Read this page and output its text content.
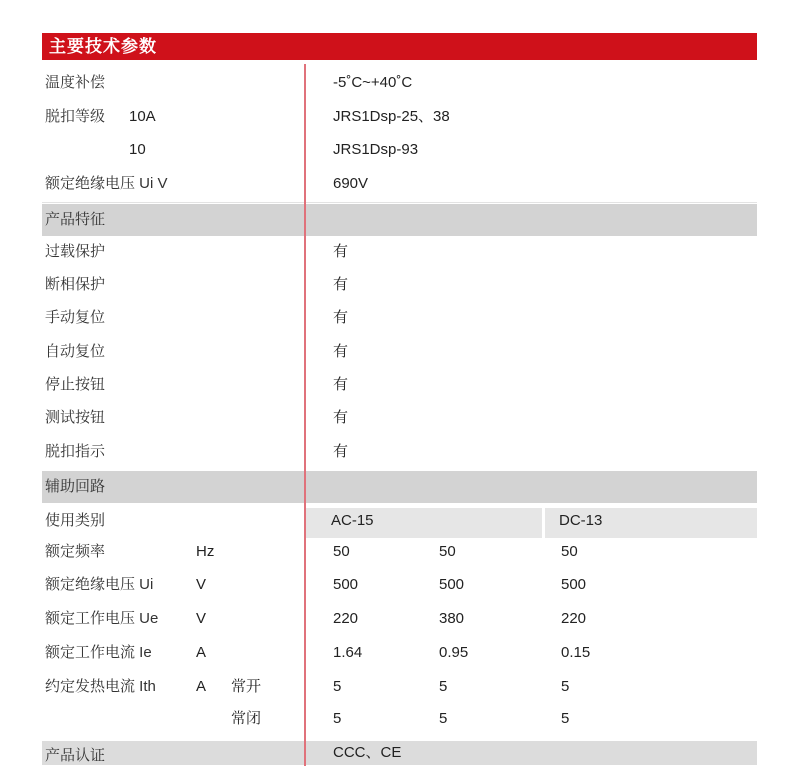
主要技术参数
温度补偿	-5˚C~+40˚C
脱扣等级 10A	JRS1Dsp-25、38
10	JRS1Dsp-93
额定绝缘电压 Ui V	690V
产品特征
过载保护	有
断相保护	有
手动复位	有
自动复位	有
停止按钮	有
测试按钮	有
脱扣指示	有
辅助回路
使用类别	AC-15	DC-13
额定频率	Hz	50	50	50
额定绝缘电压 Ui	V	500	500	500
额定工作电压 Ue	V	220	380	220
额定工作电流 Ie	A	1.64	0.95	0.15
约定发热电流 Ith	A 常开	5	5	5
常闭	5	5	5
产品认证	CCC、CE
